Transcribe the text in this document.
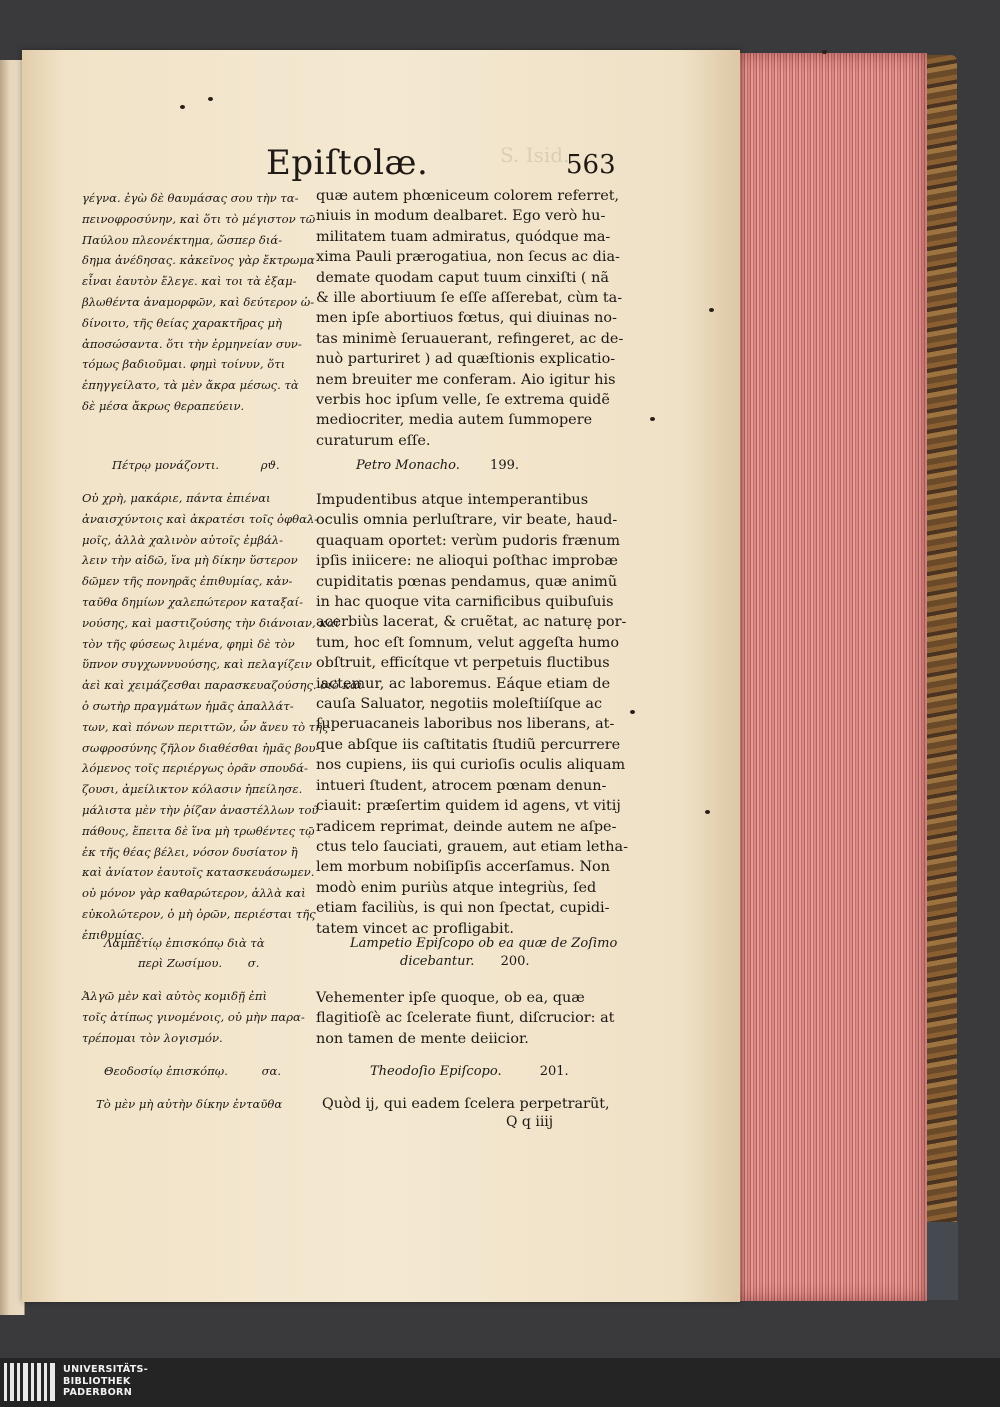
S. Isid.
Epiſtolæ.	563
γέγνα. ἐγὼ δὲ θαυμάσας σου τὴν τα-
πεινοφροσύνην, καὶ ὅτι τὸ μέγιστον τῶ
Παύλου πλεονέκτημα, ὥσπερ διά-
δημα ἀνέδησας. κἀκεῖνος γὰρ ἔκτρωμα
εἶναι ἑαυτὸν ἔλεγε. καὶ τοι τὰ ἐξαμ-
βλωθέντα ἀναμορφῶν, καὶ δεύτερον ὠ-
δίνοιτο, τῆς θείας χαρακτῆρας μὴ
ἀποσώσαντα. ὅτι τὴν ἑρμηνείαν συν-
τόμως βαδιοῦμαι. φημὶ τοίνυν, ὅτι
ἐπηγγείλατο, τὰ μὲν ἄκρα μέσως. τὰ
δὲ μέσα ἄκρως θεραπεύειν.
Πέτρῳ μονάζοντι.	ρϑ.
Οὐ χρὴ, μακάριε, πάντα ἐπιέναι
ἀναισχύντοις καὶ ἀκρατέσι τοῖς ὀφθαλ-
μοῖς, ἀλλὰ χαλινὸν αὐτοῖς ἐμβάλ-
λειν τὴν αἰδῶ, ἵνα μὴ δίκην ὕστερον
δῶμεν τῆς πονηρᾶς ἐπιθυμίας, κἀν-
ταῦθα δημίων χαλεπώτερον καταξαί-
νούσης, καὶ μαστιζούσης τὴν διάνοιαν, καὶ
τὸν τῆς φύσεως λιμένα, φημὶ δὲ τὸν
ὕπνον συγχωννυούσης, καὶ πελαγίζειν
ἀεὶ καὶ χειμάζεσθαι παρασκευαζούσης. διὸ καὶ
ὁ σωτὴρ πραγμάτων ἡμᾶς ἀπαλλάτ-
των, καὶ πόνων περιττῶν, ὧν ἄνευ τὸ τῆς
σωφροσύνης ζῆλον διαθέσθαι ἡμᾶς βου-
λόμενος τοῖς περιέργως ὁρᾶν σπουδά-
ζουσι, ἀμείλικτον κόλασιν ἠπείλησε.
μάλιστα μὲν τὴν ῥίζαν ἀναστέλλων τοῦ
πάθους, ἔπειτα δὲ ἵνα μὴ τρωθέντες τῷ
ἐκ τῆς θέας βέλει, νόσον δυσίατον ἢ
καὶ ἀνίατον ἑαυτοῖς κατασκευάσωμεν.
οὐ μόνον γὰρ καθαρώτερον, ἀλλὰ καὶ
εὐκολώτερον, ὁ μὴ ὁρῶν, περιέσται τῆς
ἐπιθυμίας.
Λαμπετίῳ ἐπισκόπῳ διὰ τὰ
περὶ Ζωσίμου. σ.
Ἀλγῶ μὲν καὶ αὐτὸς κομιδῇ ἐπὶ
τοῖς ἀτίπως γινομένοις, οὐ μὴν παρα-
τρέπομαι τὸν λογισμόν.
Θεοδοσίῳ ἐπισκόπῳ.	σα.
Τὸ μὲν μὴ αὐτὴν δίκην ἐνταῦθα
quæ autem phœniceum colorem referret,
niuis in modum dealbaret. Ego verò hu-
militatem tuam admiratus, quódque ma-
xima Pauli prærogatiua, non ſecus ac dia-
demate quodam caput tuum cinxiſti ( nã
& ille abortiuum ſe eſſe aſſerebat, cùm ta-
men ipſe abortiuos fœtus, qui diuinas no-
tas minimè ſeruauerant, refingeret, ac de-
nuò parturiret ) ad quæſtionis explicatio-
nem breuiter me conferam. Aio igitur his
verbis hoc ipſum velle, ſe extrema quidẽ
mediocriter, media autem ſummopere
curaturum eſſe.
Petro Monacho. 199.
Impudentibus atque intemperantibus
oculis omnia perluſtrare, vir beate, haud-
quaquam oportet: verùm pudoris frænum
ipſis iniicere: ne alioqui poſthac improbæ
cupiditatis pœnas pendamus, quæ animũ
in hac quoque vita carnificibus quibuſuis
acerbiùs lacerat, & cruẽtat, ac naturę por-
tum, hoc eſt ſomnum, velut aggeſta humo
obſtruit, efficítque vt perpetuis fluctibus
iactemur, ac laboremus. Eáque etiam de
cauſa Saluator, negotiis moleſtiíſque ac
ſuperuacaneis laboribus nos liberans, at-
que abſque iis caſtitatis ſtudiũ percurrere
nos cupiens, iis qui curioſis oculis aliquam
intueri ſtudent, atrocem pœnam denun-
ciauit: præſertim quidem id agens, vt vitij
radicem reprimat, deinde autem ne aſpe-
ctus telo ſauciati, grauem, aut etiam letha-
lem morbum nobiſipſis accerſamus. Non
modò enim puriùs atque integriùs, ſed
etiam faciliùs, is qui non ſpectat, cupidi-
tatem vincet ac profligabit.
Lampetio Epiſcopo ob ea quæ de Zoſimo
dicebantur. 200.
Vehementer ipſe quoque, ob ea, quæ
flagitioſè ac ſcelerate fiunt, diſcrucior: at
non tamen de mente deiicior.
Theodoſio Epiſcopo.	201.
Quòd ij, qui eadem ſcelera perpetrarũt,
Q q iiij
UNIVERSITÄTS-
BIBLIOTHEK
PADERBORN
